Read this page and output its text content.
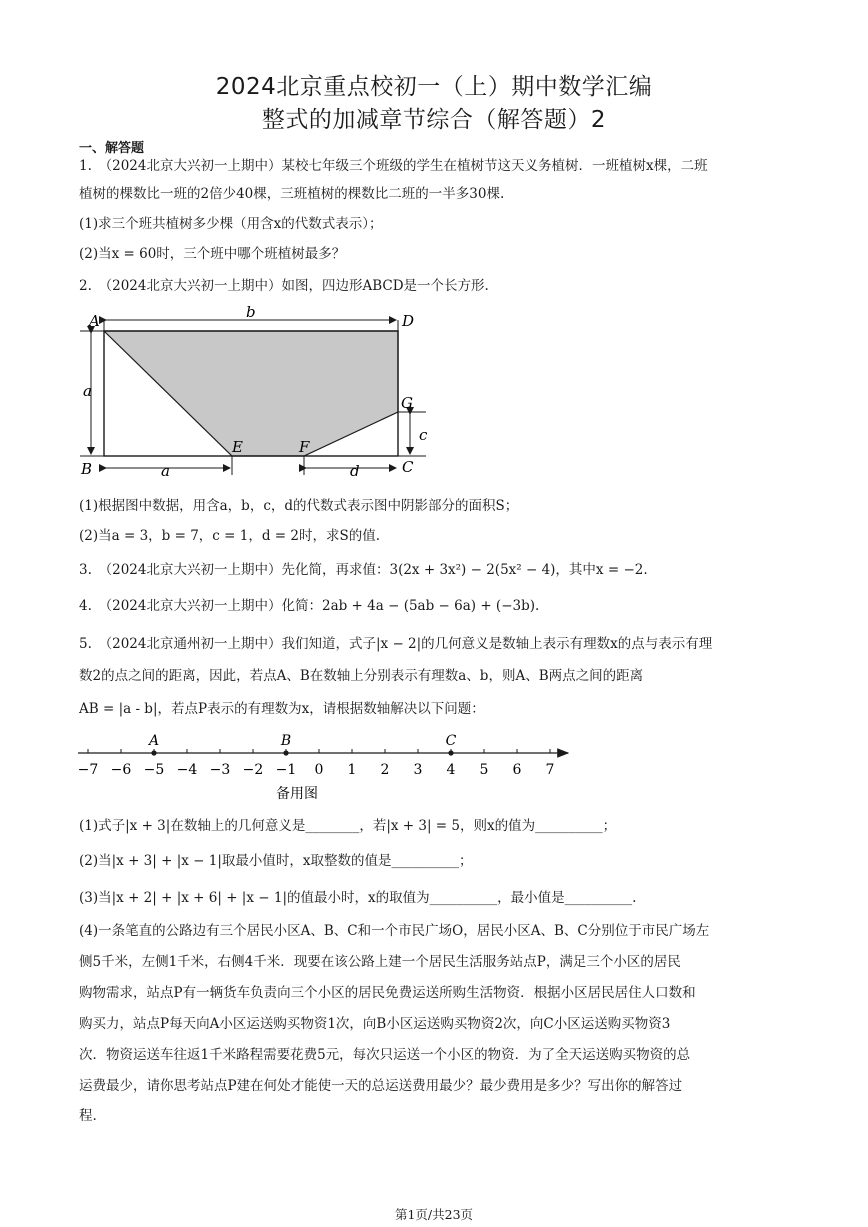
2024北京重点校初一（上）期中数学汇编
整式的加减章节综合（解答题）2
一、解答题
1.　（2024北京大兴初一上期中）某校七年级三个班级的学生在植树节这天义务植树．一班植树x棵，二班
植树的棵数比一班的2倍少40棵，三班植树的棵数比二班的一半多30棵.
(1)求三个班共植树多少棵（用含x的代数式表示）；
(2)当x = 60时，三个班中哪个班植树最多？
2.　（2024北京大兴初一上期中）如图，四边形ABCD是一个长方形.
A	D
B	C
E	F
G
b
a
a	d
c
(1)根据图中数据，用含a，b，c，d的代数式表示图中阴影部分的面积S；
(2)当a = 3，b = 7，c = 1，d = 2时，求S的值.
3.　（2024北京大兴初一上期中）先化简，再求值：3(2x + 3x²) − 2(5x² − 4)，其中x = −2.
4.　（2024北京大兴初一上期中）化简：2ab + 4a − (5ab − 6a) + (−3b).
5.　（2024北京通州初一上期中）我们知道，式子|x − 2|的几何意义是数轴上表示有理数x的点与表示有理
数2的点之间的距离，因此，若点A、B在数轴上分别表示有理数a、b，则A、B两点之间的距离
AB = |a - b|，若点P表示的有理数为x，请根据数轴解决以下问题：
−7 −6 −5 −4 −3 −2 −1 0 1 2 3 4 5 6 7
A	B	C
备用图
(1)式子|x + 3|在数轴上的几何意义是________，若|x + 3| = 5，则x的值为__________；
(2)当|x + 3| + |x − 1|取最小值时，x取整数的值是__________；
(3)当|x + 2| + |x + 6| + |x − 1|的值最小时，x的取值为__________，最小值是__________.
(4)一条笔直的公路边有三个居民小区A、B、C和一个市民广场O，居民小区A、B、C分别位于市民广场左
侧5千米，左侧1千米，右侧4千米．现要在该公路上建一个居民生活服务站点P，满足三个小区的居民
购物需求，站点P有一辆货车负责向三个小区的居民免费运送所购生活物资．根据小区居民居住人口数和
购买力，站点P每天向A小区运送购买物资1次，向B小区运送购买物资2次，向C小区运送购买物资3
次．物资运送车往返1千米路程需要花费5元，每次只运送一个小区的物资．为了全天运送购买物资的总
运费最少，请你思考站点P建在何处才能使一天的总运送费用最少？最少费用是多少？写出你的解答过
程.
第1页/共23页
